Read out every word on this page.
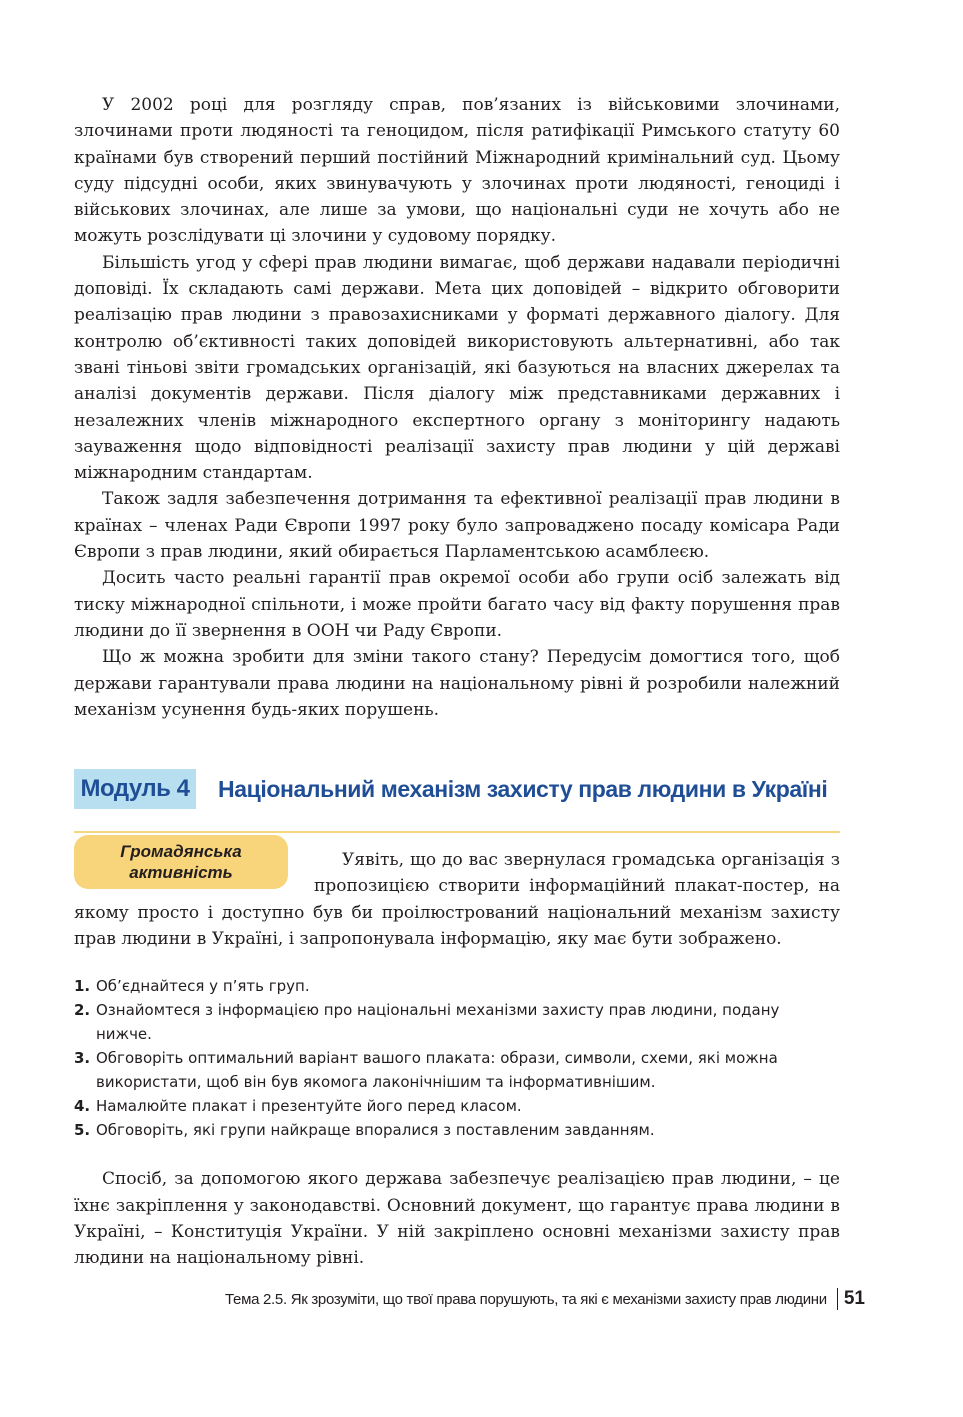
У 2002 році для розгляду справ, пов’язаних із військовими злочинами, злочинами проти людяності та геноцидом, після ратифікації Римського статуту 60 країнами був створений перший постійний Міжнародний кримінальний суд. Цьому суду підсудні особи, яких звинувачують у злочинах проти людяності, геноциді і військових злочинах, але лише за умови, що національні суди не хочуть або не можуть розслідувати ці злочини у судовому порядку.

Більшість угод у сфері прав людини вимагає, щоб держави надавали періодичні доповіді. Їх складають самі держави. Мета цих доповідей – відкрито обговорити реалізацію прав людини з правозахисниками у форматі державного діалогу. Для контролю об’єктивності таких доповідей використовують альтернативні, або так звані тіньові звіти громадських організацій, які базуються на власних джерелах та аналізі документів держави. Після діалогу між представниками державних і незалежних членів міжнародного експертного органу з моніторингу надають зауваження щодо відповідності реалізації захисту прав людини у цій державі міжнародним стандартам.

Також задля забезпечення дотримання та ефективної реалізації прав людини в країнах – членах Ради Європи 1997 року було запроваджено посаду комісара Ради Європи з прав людини, який обирається Парламентською асамблеєю.

Досить часто реальні гарантії прав окремої особи або групи осіб залежать від тиску міжнародної спільноти, і може пройти багато часу від факту порушення прав людини до її звернення в ООН чи Раду Європи.

Що ж можна зробити для зміни такого стану? Передусім домогтися того, щоб держави гарантували права людини на національному рівні й розробили належний механізм усунення будь-яких порушень.

Модуль 4 Національний механізм захисту прав людини в Україні
Громадянська
активність

Уявіть, що до вас звернулася громадська організація з пропозицією створити інформаційний плакат-постер, на якому просто і доступно був би проілюстрований національний механізм захисту прав людини в Україні, і запропонувала інформацію, яку має бути зображено.

1. Об’єднайтеся у п’ять груп.
2. Ознайомтеся з інформацією про національні механізми захисту прав людини, подану нижче.
3. Обговоріть оптимальний варіант вашого плаката: образи, символи, схеми, які можна використати, щоб він був якомога лаконічнішим та інформативнішим.
4. Намалюйте плакат і презентуйте його перед класом.
5. Обговоріть, які групи найкраще впоралися з поставленим завданням.

Спосіб, за допомогою якого держава забезпечує реалізацією прав людини, – це їхнє закріплення у законодавстві. Основний документ, що гарантує права людини в Україні, – Конституція України. У ній закріплено основні механізми захисту прав людини на національному рівні.

Тема 2.5. Як зрозуміти, що твої права порушують, та які є механізми захисту прав людини 51
